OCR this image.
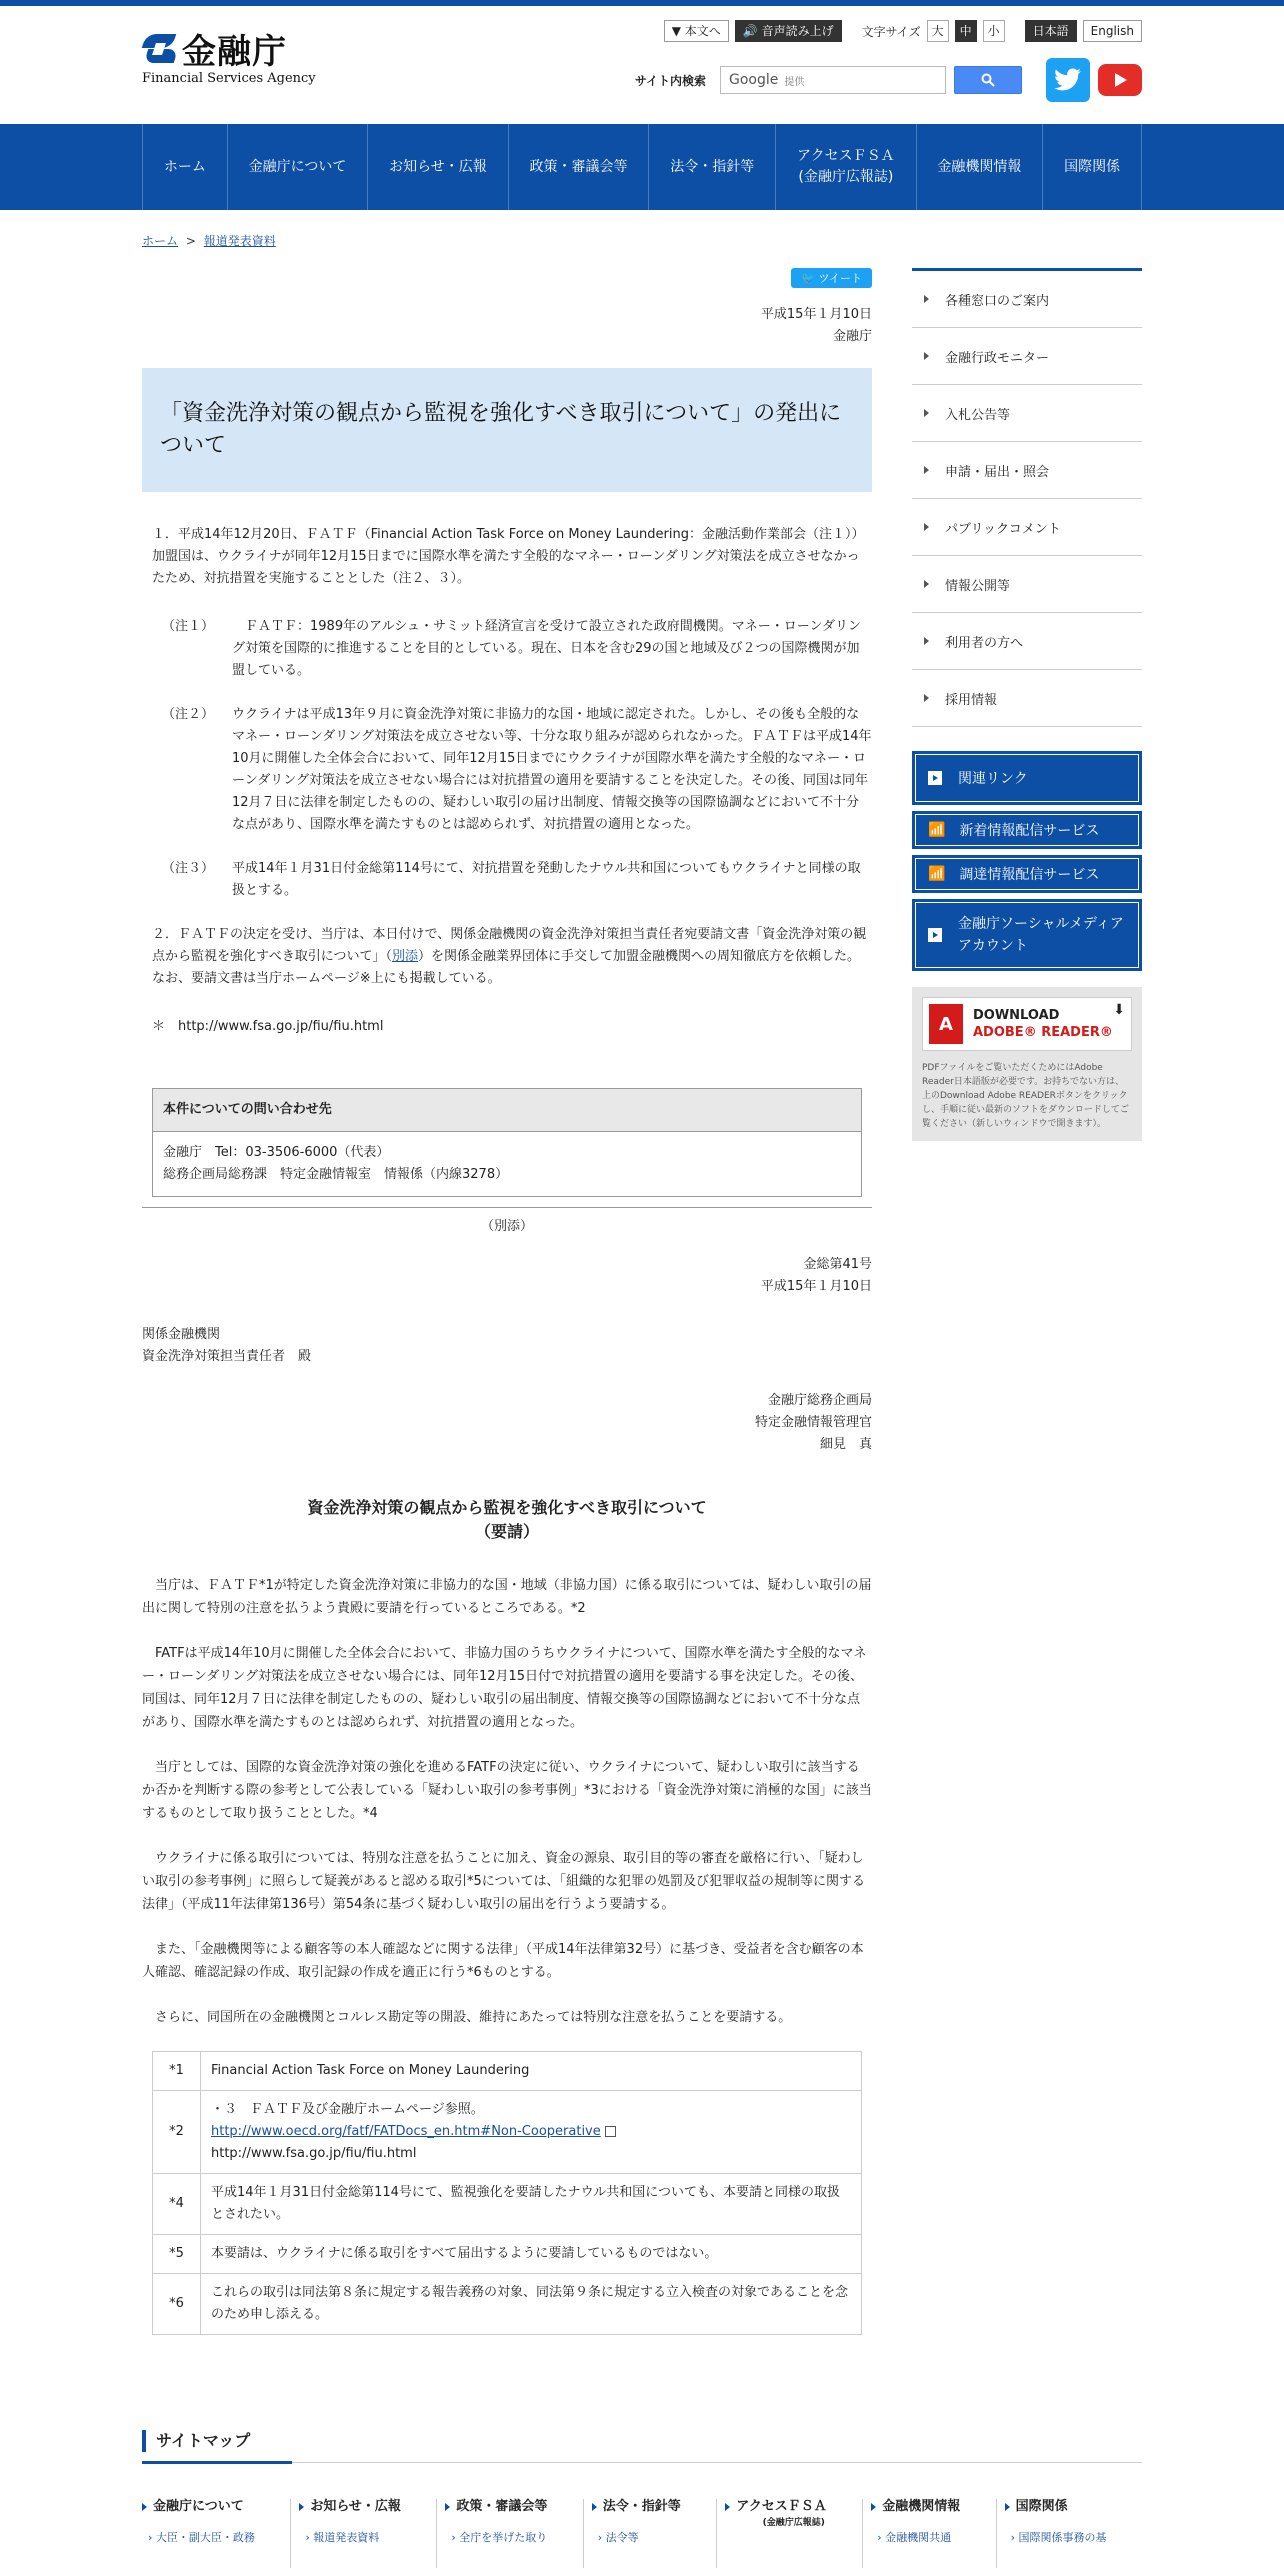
金融庁
Financial Services Agency
▼ 本文へ	🔊 音声読み上げ	文字サイズ 大	中	小	日本語	English
サイト内検索 Google 提供
ホーム	金融庁について	お知らせ・広報	政策・審議会等	法令・指針等
アクセスＦＳＡ
(金融庁広報誌)
金融機関情報	国際関係
ホーム > 報道発表資料
🐦 ツイート
平成15年１月10日
金融庁
「資金洗浄対策の観点から監視を強化すべき取引について」の発出について

１．平成14年12月20日、ＦＡＴＦ（Financial Action Task Force on Money Laundering：金融活動作業部会（注１））加盟国は、ウクライナが同年12月15日までに国際水準を満たす全般的なマネー・ローンダリング対策法を成立させなかったため、対抗措置を実施することとした（注２、３）。

（注１）	　ＦＡＴＦ：1989年のアルシュ・サミット経済宣言を受けて設立された政府間機関。マネー・ローンダリング対策を国際的に推進することを目的としている。現在、日本を含む29の国と地域及び２つの国際機関が加盟している。
（注２）	ウクライナは平成13年９月に資金洗浄対策に非協力的な国・地域に認定された。しかし、その後も全般的なマネー・ローンダリング対策法を成立させない等、十分な取り組みが認められなかった。ＦＡＴＦは平成14年10月に開催した全体会合において、同年12月15日までにウクライナが国際水準を満たす全般的なマネー・ローンダリング対策法を成立させない場合には対抗措置の適用を要請することを決定した。その後、同国は同年12月７日に法律を制定したものの、疑わしい取引の届け出制度、情報交換等の国際協調などにおいて不十分な点があり、国際水準を満たすものとは認められず、対抗措置の適用となった。
（注３）	平成14年１月31日付金総第114号にて、対抗措置を発動したナウル共和国についてもウクライナと同様の取扱とする。

２．ＦＡＴＦの決定を受け、当庁は、本日付けで、関係金融機関の資金洗浄対策担当責任者宛要請文書「資金洗浄対策の観点から監視を強化すべき取引について」（別添）を関係金融業界団体に手交して加盟金融機関への周知徹底方を依頼した。なお、要請文書は当庁ホームページ※上にも掲載している。

＊　http://www.fsa.go.jp/fiu/fiu.html

本件についての問い合わせ先
金融庁　Tel：03-3506-6000（代表）
総務企画局総務課　特定金融情報室　情報係（内線3278）
（別添）
金総第41号
平成15年１月10日
関係金融機関
資金洗浄対策担当責任者　殿
金融庁総務企画局
特定金融情報管理官
細見　真
資金洗浄対策の観点から監視を強化すべき取引について
（要請）

当庁は、ＦＡＴＦ*1が特定した資金洗浄対策に非協力的な国・地域（非協力国）に係る取引については、疑わしい取引の届出に関して特別の注意を払うよう貴殿に要請を行っているところである。*2

FATFは平成14年10月に開催した全体会合において、非協力国のうちウクライナについて、国際水準を満たす全般的なマネー・ローンダリング対策法を成立させない場合には、同年12月15日付で対抗措置の適用を要請する事を決定した。その後、同国は、同年12月７日に法律を制定したものの、疑わしい取引の届出制度、情報交換等の国際協調などにおいて不十分な点があり、国際水準を満たすものとは認められず、対抗措置の適用となった。

当庁としては、国際的な資金洗浄対策の強化を進めるFATFの決定に従い、ウクライナについて、疑わしい取引に該当するか否かを判断する際の参考として公表している「疑わしい取引の参考事例」*3における「資金洗浄対策に消極的な国」に該当するものとして取り扱うこととした。*4

ウクライナに係る取引については、特別な注意を払うことに加え、資金の源泉、取引目的等の審査を厳格に行い、「疑わしい取引の参考事例」に照らして疑義があると認める取引*5については、「組織的な犯罪の処罰及び犯罪収益の規制等に関する法律」（平成11年法律第136号）第54条に基づく疑わしい取引の届出を行うよう要請する。

また、「金融機関等による顧客等の本人確認などに関する法律」（平成14年法律第32号）に基づき、受益者を含む顧客の本人確認、確認記録の作成、取引記録の作成を適正に行う*6ものとする。

さらに、同国所在の金融機関とコルレス勘定等の開設、維持にあたっては特別な注意を払うことを要請する。

*1	Financial Action Task Force on Money Laundering
*2	・３　ＦＡＴＦ及び金融庁ホームページ参照。
http://www.oecd.org/fatf/FATDocs_en.htm#Non-Cooperative
http://www.fsa.go.jp/fiu/fiu.html

*4	平成14年１月31日付金総第114号にて、監視強化を要請したナウル共和国についても、本要請と同様の取扱とされたい。
*5	本要請は、ウクライナに係る取引をすべて届出するように要請しているものではない。
*6	これらの取引は同法第８条に規定する報告義務の対象、同法第９条に規定する立入検査の対象であることを念のため申し添える。
各種窓口のご案内
金融行政モニター
入札公告等
申請・届出・照会
パブリックコメント
情報公開等
利用者の方へ
採用情報
関連リンク
📶 新着情報配信サービス
📶 調達情報配信サービス
金融庁ソーシャルメディアアカウント
A	DOWNLOAD
ADOBE® READER®
⬇
PDFファイルをご覧いただくためにはAdobe Reader日本語版が必要です。お持ちでない方は、上のDownload Adobe READERボタンをクリックし、手順に従い最新のソフトをダウンロードしてご覧ください（新しいウィンドウで開きます）。
サイトマップ
金融庁について
› 大臣・副大臣・政務
お知らせ・広報
› 報道発表資料
政策・審議会等
› 全庁を挙げた取り
法令・指針等
› 法令等
アクセスＦＳＡ
(金融庁広報誌)
金融機関情報
› 金融機関共通
国際関係
› 国際関係事務の基
